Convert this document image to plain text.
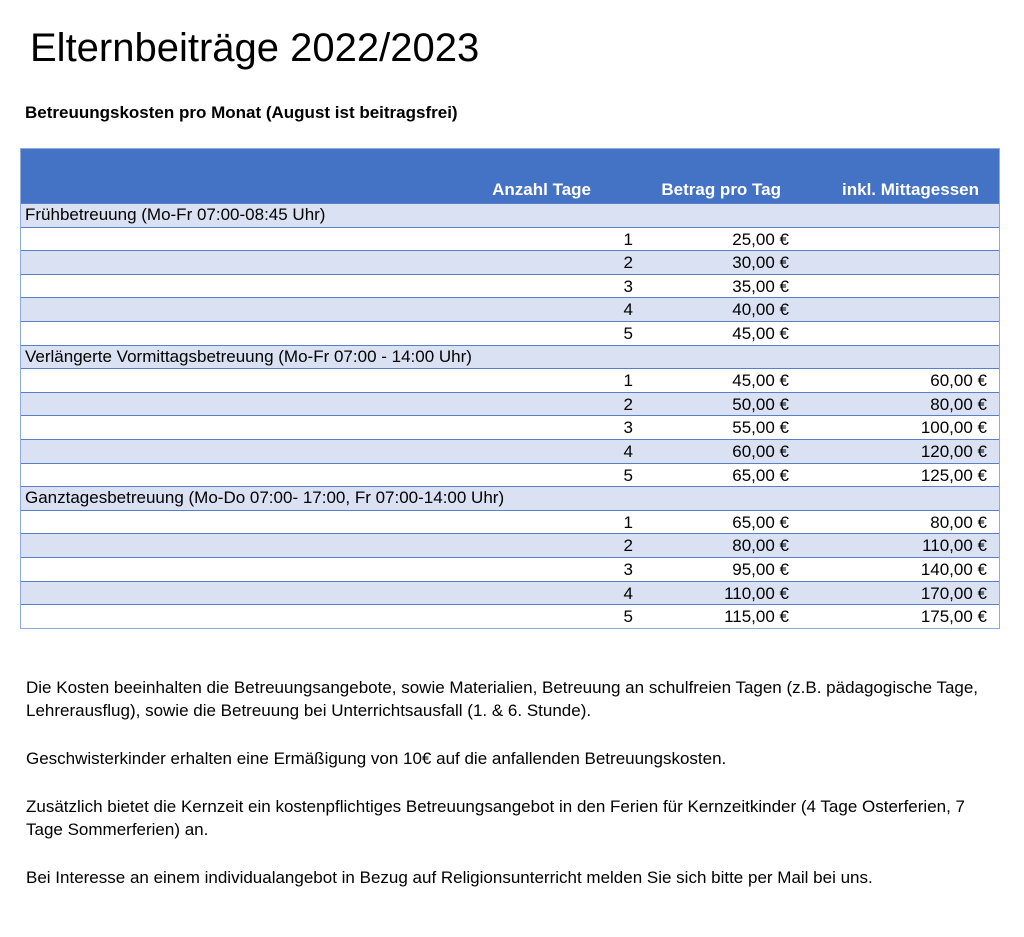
Elternbeiträge 2022/2023
Betreuungskosten pro Monat (August ist beitragsfrei)
Anzahl Tage	Betrag pro Tag	inkl. Mittagessen
Frühbetreuung (Mo-Fr 07:00-08:45 Uhr)
1	25,00 €
2	30,00 €
3	35,00 €
4	40,00 €
5	45,00 €
Verlängerte Vormittagsbetreuung (Mo-Fr 07:00 - 14:00 Uhr)
1	45,00 €	60,00 €
2	50,00 €	80,00 €
3	55,00 €	100,00 €
4	60,00 €	120,00 €
5	65,00 €	125,00 €
Ganztagesbetreuung (Mo-Do 07:00- 17:00, Fr 07:00-14:00 Uhr)
1	65,00 €	80,00 €
2	80,00 €	110,00 €
3	95,00 €	140,00 €
4	110,00 €	170,00 €
5	115,00 €	175,00 €

Die Kosten beeinhalten die Betreuungsangebote, sowie Materialien, Betreuung an schulfreien Tagen (z.B. pädagogische Tage, Lehrerausflug), sowie die Betreuung bei Unterrichtsausfall (1. & 6. Stunde).

Geschwisterkinder erhalten eine Ermäßigung von 10€ auf die anfallenden Betreuungskosten.

Zusätzlich bietet die Kernzeit ein kostenpflichtiges Betreuungsangebot in den Ferien für Kernzeitkinder (4 Tage Osterferien, 7 Tage Sommerferien) an.

Bei Interesse an einem individualangebot in Bezug auf Religionsunterricht melden Sie sich bitte per Mail bei uns.
